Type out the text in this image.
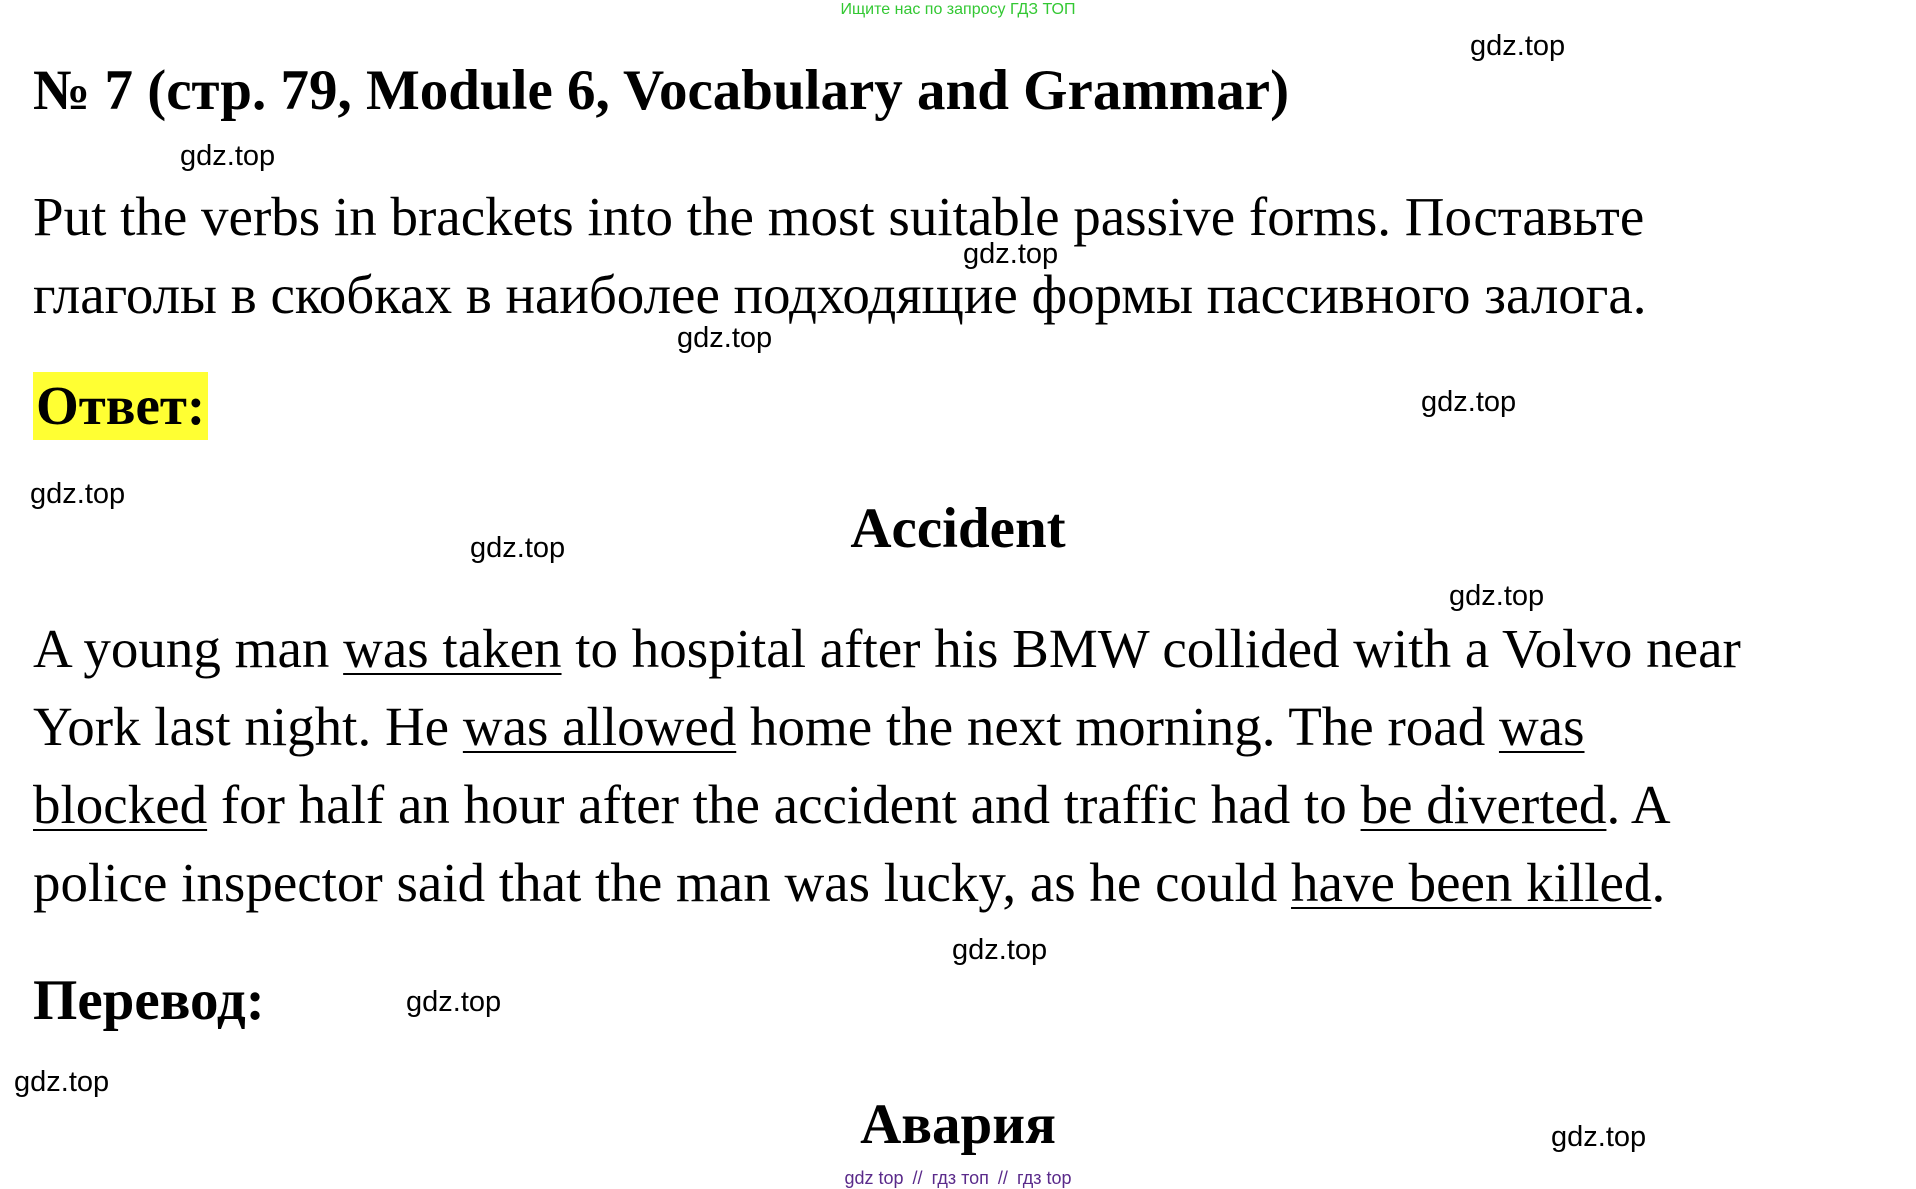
Ищите нас по запросу ГДЗ ТОП
gdz.top
№ 7 (стр. 79, Module 6, Vocabulary and Grammar)
gdz.top
Put the verbs in brackets into the most suitable passive forms. Поставьте
глаголы в скобках в наиболее подходящие формы пассивного залога.
gdz.top
gdz.top
Ответ:	gdz.top
gdz.top
gdz.top	Accident
gdz.top
A young man was taken to hospital after his BMW collided with a Volvo near
York last night. He was allowed home the next morning. The road was
blocked for half an hour after the accident and traffic had to be diverted. A
police inspector said that the man was lucky, as he could have been killed.
gdz.top
Перевод:	gdz.top
gdz.top
Авария	gdz.top
gdz top // гдз топ // гдз top
